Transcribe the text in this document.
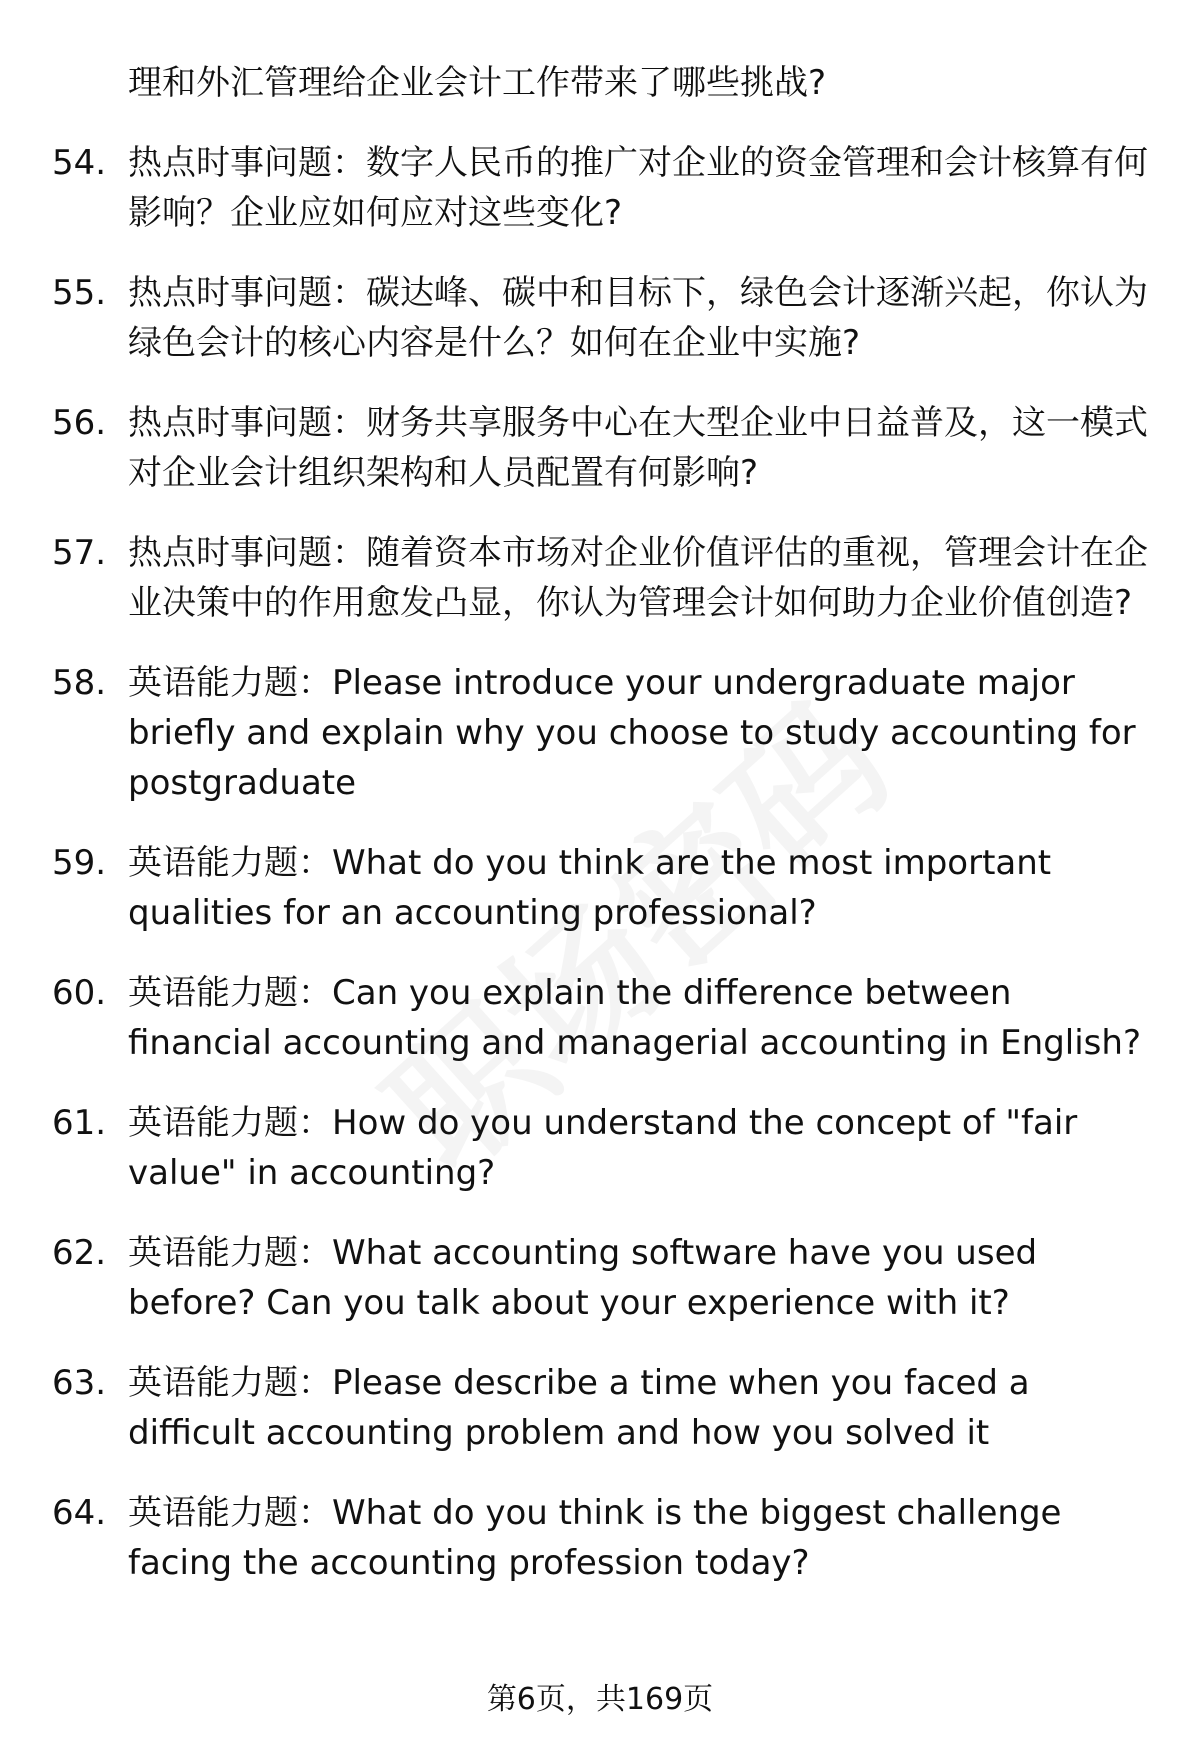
理和外汇管理给企业会计工作带来了哪些挑战?
54. 热点时事问题：数字人民币的推广对企业的资金管理和会计核算有何影响？企业应如何应对这些变化?
55. 热点时事问题：碳达峰、碳中和目标下，绿色会计逐渐兴起，你认为绿色会计的核心内容是什么？如何在企业中实施?
56. 热点时事问题：财务共享服务中心在大型企业中日益普及，这一模式对企业会计组织架构和人员配置有何影响?
57. 热点时事问题：随着资本市场对企业价值评估的重视，管理会计在企业决策中的作用愈发凸显，你认为管理会计如何助力企业价值创造?
58. 英语能力题：Please introduce your undergraduate major briefly and explain why you choose to study accounting for postgraduate
59. 英语能力题：What do you think are the most important qualities for an accounting professional?
60. 英语能力题：Can you explain the difference between financial accounting and managerial accounting in English?
61. 英语能力题：How do you understand the concept of "fair value" in accounting?
62. 英语能力题：What accounting software have you used before? Can you talk about your experience with it?
63. 英语能力题：Please describe a time when you faced a difficult accounting problem and how you solved it
64. 英语能力题：What do you think is the biggest challenge facing the accounting profession today?
第6页，共169页
